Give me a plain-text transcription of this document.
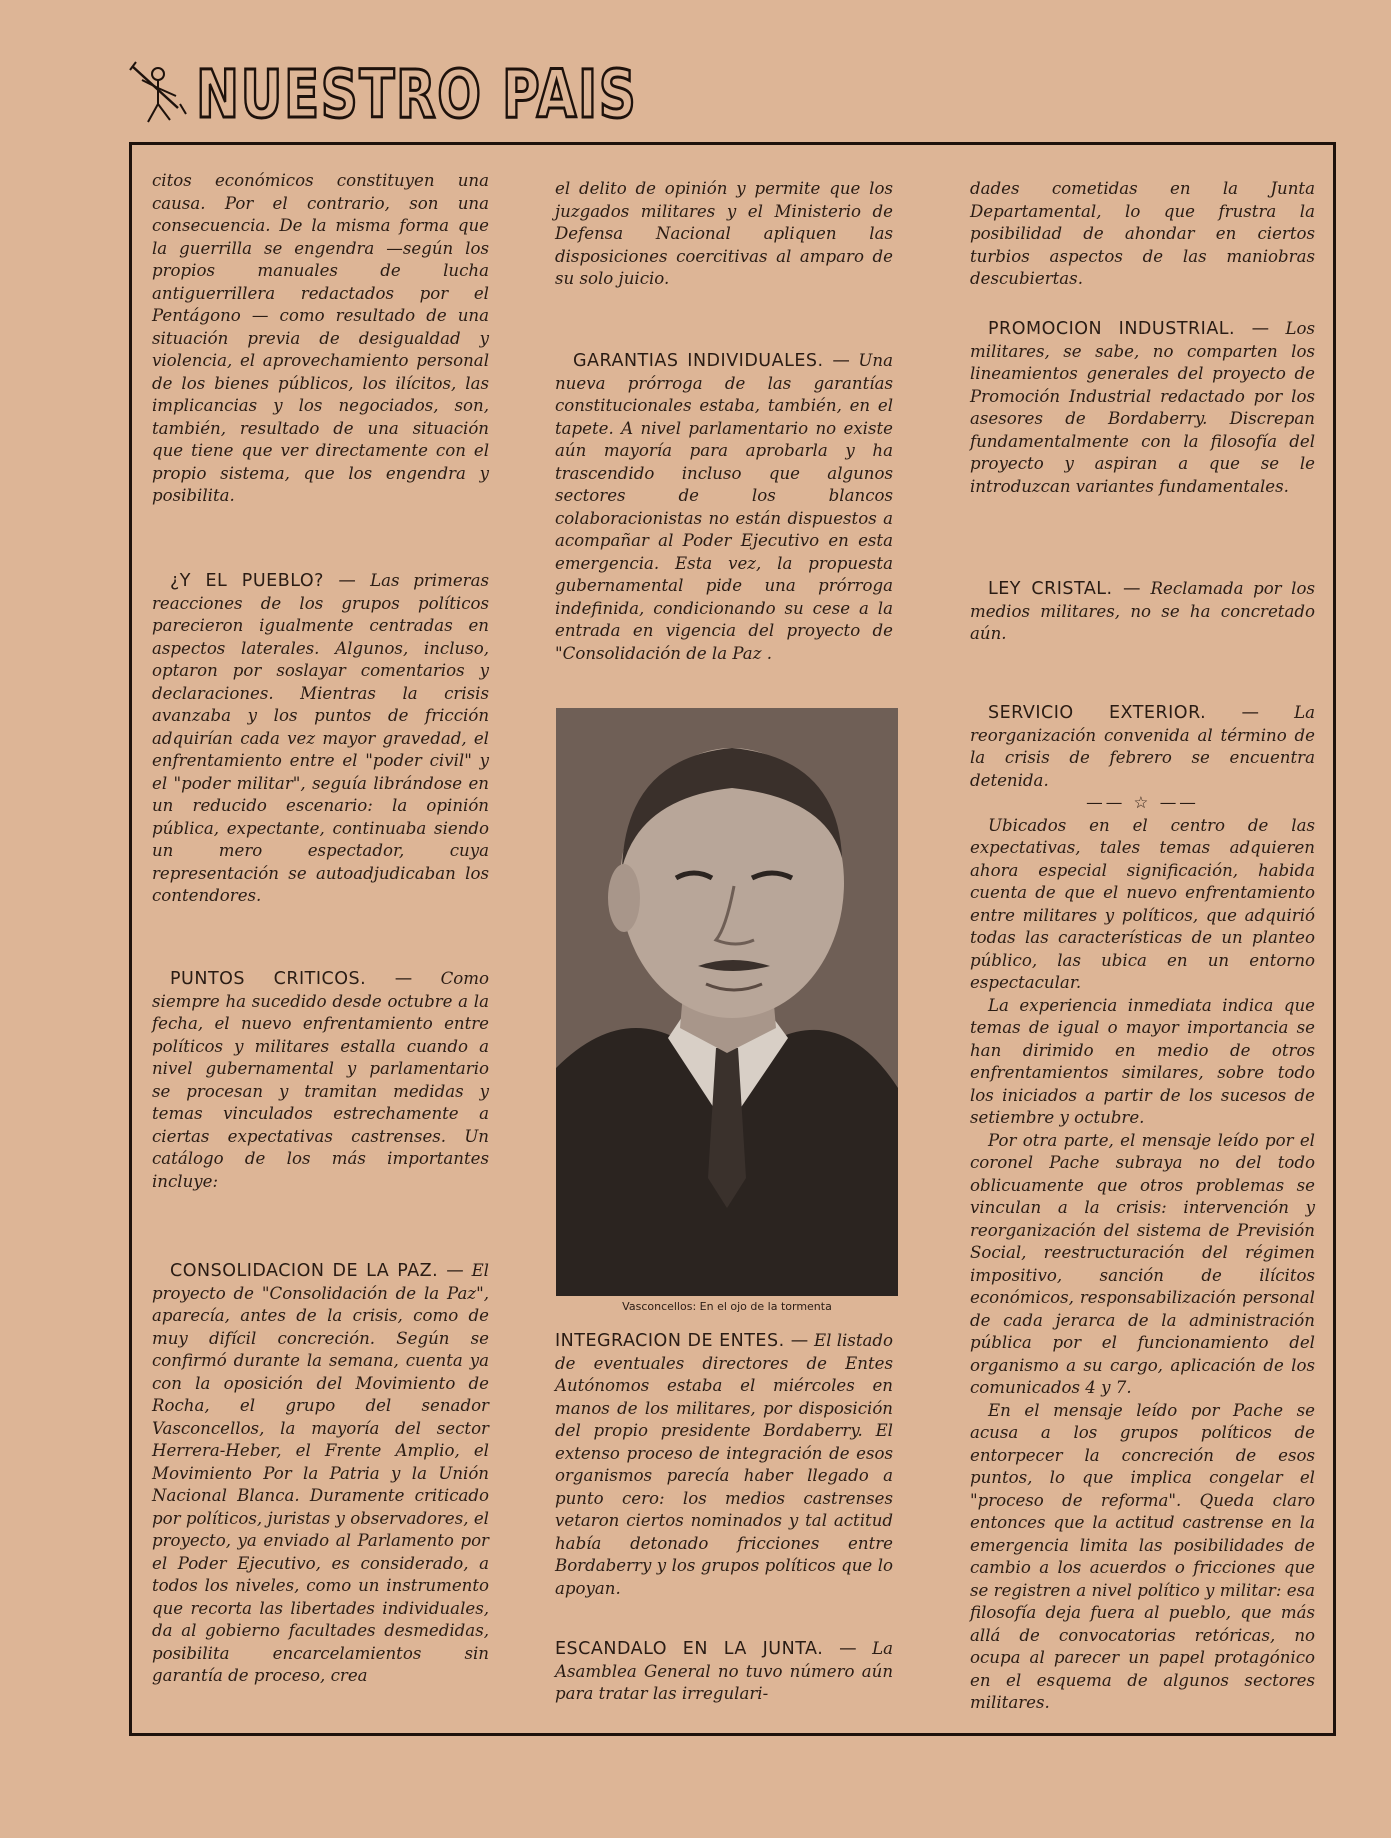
NUESTRO PAIS

citos económicos constituyen una causa. Por el contrario, son una consecuencia. De la misma forma que la guerrilla se engendra —según los propios manuales de lucha antiguerrillera redactados por el Pentágono — como resultado de una situación previa de desigualdad y violencia, el aprovechamiento personal de los bienes públicos, los ilícitos, las implicancias y los negociados, son, también, resultado de una situación que tiene que ver directamente con el propio sistema, que los engendra y posibilita.

¿Y EL PUEBLO? — Las primeras reacciones de los grupos políticos parecieron igualmente centradas en aspectos laterales. Algunos, incluso, optaron por soslayar comentarios y declaraciones. Mientras la crisis avanzaba y los puntos de fricción adquirían cada vez mayor gravedad, el enfrentamiento entre el "poder civil" y el "poder militar", seguía librándose en un reducido escenario: la opinión pública, expectante, continuaba siendo un mero espectador, cuya representación se autoadjudicaban los contendores.

PUNTOS CRITICOS. — Como siempre ha sucedido desde octubre a la fecha, el nuevo enfrentamiento entre políticos y militares estalla cuando a nivel gubernamental y parlamentario se procesan y tramitan medidas y temas vinculados estrechamente a ciertas expectativas castrenses. Un catálogo de los más importantes incluye:

CONSOLIDACION DE LA PAZ. — El proyecto de "Consolidación de la Paz", aparecía, antes de la crisis, como de muy difícil concreción. Según se confirmó durante la semana, cuenta ya con la oposición del Movimiento de Rocha, el grupo del senador Vasconcellos, la mayoría del sector Herrera-Heber, el Frente Amplio, el Movimiento Por la Patria y la Unión Nacional Blanca. Duramente criticado por políticos, juristas y observadores, el proyecto, ya enviado al Parlamento por el Poder Ejecutivo, es considerado, a todos los niveles, como un instrumento que recorta las libertades individuales, da al gobierno facultades desmedidas, posibilita encarcelamientos sin garantía de proceso, crea

el delito de opinión y permite que los juzgados militares y el Ministerio de Defensa Nacional apliquen las disposiciones coercitivas al amparo de su solo juicio.

GARANTIAS INDIVIDUALES. — Una nueva prórroga de las garantías constitucionales estaba, también, en el tapete. A nivel parlamentario no existe aún mayoría para aprobarla y ha trascendido incluso que algunos sectores de los blancos colaboracionistas no están dispuestos a acompañar al Poder Ejecutivo en esta emergencia. Esta vez, la propuesta gubernamental pide una prórroga indefinida, condicionando su cese a la entrada en vigencia del proyecto de "Consolidación de la Paz .

INTEGRACION DE ENTES. — El listado de eventuales directores de Entes Autónomos estaba el miércoles en manos de los militares, por disposición del propio presidente Bordaberry. El extenso proceso de integración de esos organismos parecía haber llegado a punto cero: los medios castrenses vetaron ciertos nominados y tal actitud había detonado fricciones entre Bordaberry y los grupos políticos que lo apoyan.

ESCANDALO EN LA JUNTA. — La Asamblea General no tuvo número aún para tratar las irregulari-

Vasconcellos: En el ojo de la tormenta

dades cometidas en la Junta Departamental, lo que frustra la posibilidad de ahondar en ciertos turbios aspectos de las maniobras descubiertas.

PROMOCION INDUSTRIAL. — Los militares, se sabe, no comparten los lineamientos generales del proyecto de Promoción Industrial redactado por los asesores de Bordaberry. Discrepan fundamentalmente con la filosofía del proyecto y aspiran a que se le introduzcan variantes fundamentales.

LEY CRISTAL. — Reclamada por los medios militares, no se ha concretado aún.

SERVICIO EXTERIOR. — La reorganización convenida al término de la crisis de febrero se encuentra detenida.

—— ☆ ——

Ubicados en el centro de las expectativas, tales temas adquieren ahora especial significación, habida cuenta de que el nuevo enfrentamiento entre militares y políticos, que adquirió todas las características de un planteo público, las ubica en un entorno espectacular.

La experiencia inmediata indica que temas de igual o mayor importancia se han dirimido en medio de otros enfrentamientos similares, sobre todo los iniciados a partir de los sucesos de setiembre y octubre.

Por otra parte, el mensaje leído por el coronel Pache subraya no del todo oblicuamente que otros problemas se vinculan a la crisis: intervención y reorganización del sistema de Previsión Social, reestructuración del régimen impositivo, sanción de ilícitos económicos, responsabilización personal de cada jerarca de la administración pública por el funcionamiento del organismo a su cargo, aplicación de los comunicados 4 y 7.

En el mensaje leído por Pache se acusa a los grupos políticos de entorpecer la concreción de esos puntos, lo que implica congelar el "proceso de reforma". Queda claro entonces que la actitud castrense en la emergencia limita las posibilidades de cambio a los acuerdos o fricciones que se registren a nivel político y militar: esa filosofía deja fuera al pueblo, que más allá de convocatorias retóricas, no ocupa al parecer un papel protagónico en el esquema de algunos sectores militares.
